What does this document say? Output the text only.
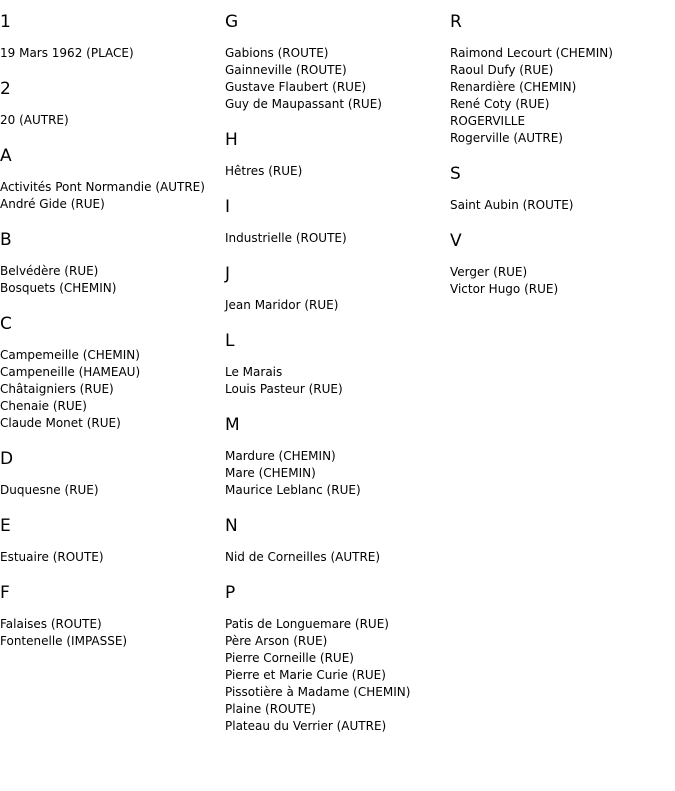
1
19 Mars 1962 (PLACE)
2
20 (AUTRE)
A
Activités Pont Normandie (AUTRE)
André Gide (RUE)
B
Belvédère (RUE)
Bosquets (CHEMIN)
C
Campemeille (CHEMIN)
Campeneille (HAMEAU)
Châtaigniers (RUE)
Chenaie (RUE)
Claude Monet (RUE)
D
Duquesne (RUE)
E
Estuaire (ROUTE)
F
Falaises (ROUTE)
Fontenelle (IMPASSE)
G
Gabions (ROUTE)
Gainneville (ROUTE)
Gustave Flaubert (RUE)
Guy de Maupassant (RUE)
H
Hêtres (RUE)
I
Industrielle (ROUTE)
J
Jean Maridor (RUE)
L
Le Marais
Louis Pasteur (RUE)
M
Mardure (CHEMIN)
Mare (CHEMIN)
Maurice Leblanc (RUE)
N
Nid de Corneilles (AUTRE)
P
Patis de Longuemare (RUE)
Père Arson (RUE)
Pierre Corneille (RUE)
Pierre et Marie Curie (RUE)
Pissotière à Madame (CHEMIN)
Plaine (ROUTE)
Plateau du Verrier (AUTRE)
R
Raimond Lecourt (CHEMIN)
Raoul Dufy (RUE)
Renardière (CHEMIN)
René Coty (RUE)
ROGERVILLE
Rogerville (AUTRE)
S
Saint Aubin (ROUTE)
V
Verger (RUE)
Victor Hugo (RUE)
